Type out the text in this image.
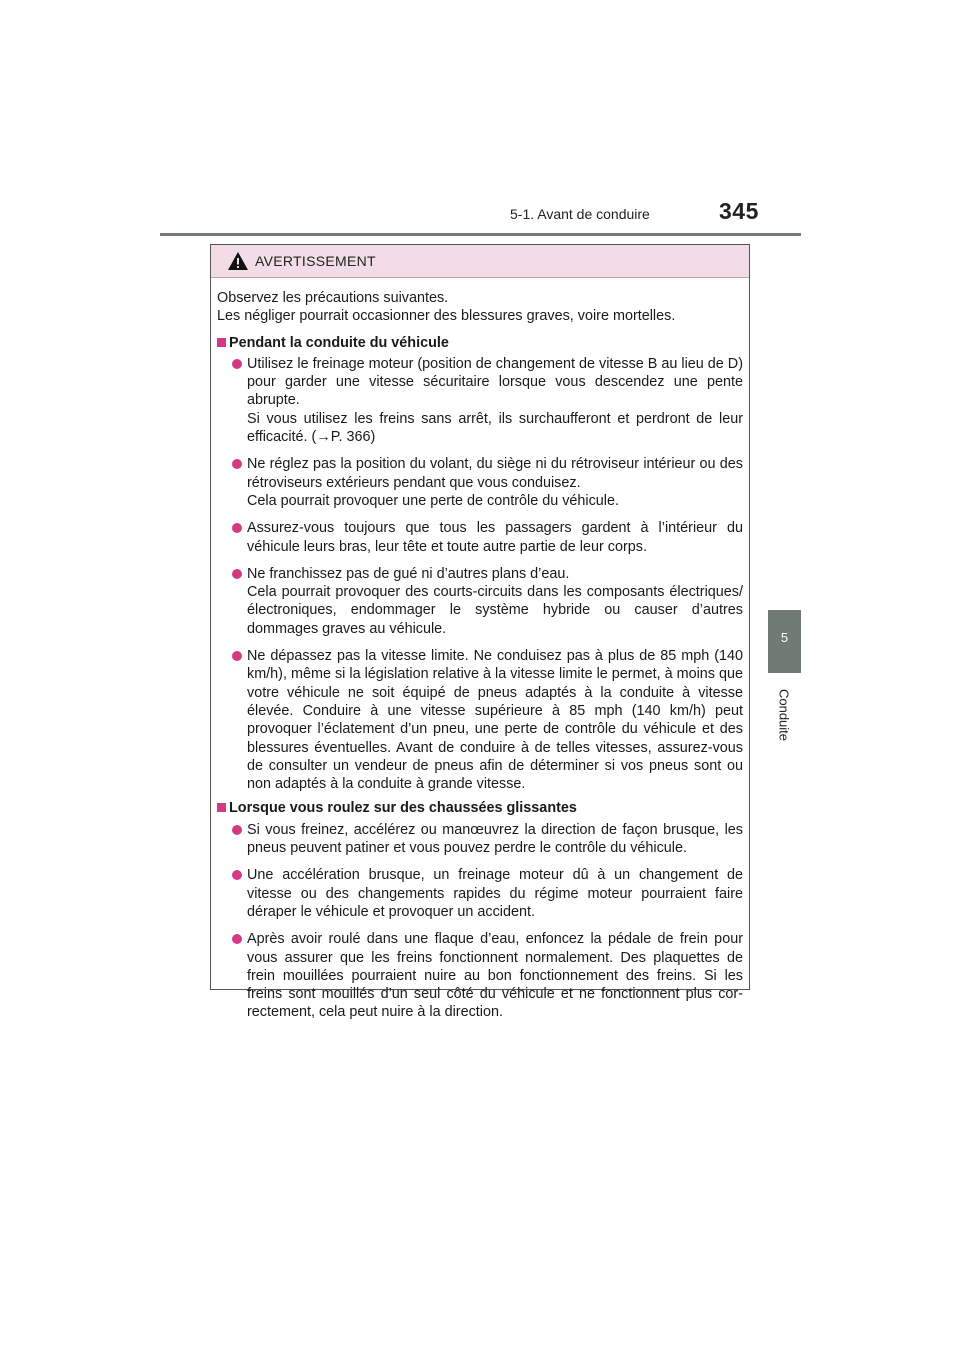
5-1. Avant de conduire	345
5
Conduite
AVERTISSEMENT

Observez les précautions suivantes.

Les négliger pourrait occasionner des blessures graves, voire mortelles.

Pendant la conduite du véhicule

Utilisez le freinage moteur (position de changement de vitesse B au lieu de D) pour garder une vitesse sécuritaire lorsque vous descendez une pente abrupte.

Si vous utilisez les freins sans arrêt, ils surchaufferont et perdront de leur efficacité. (→P. 366)

Ne réglez pas la position du volant, du siège ni du rétroviseur intérieur ou des rétroviseurs extérieurs pendant que vous conduisez.

Cela pourrait provoquer une perte de contrôle du véhicule.

Assurez-vous toujours que tous les passagers gardent à l’intérieur du véhicule leurs bras, leur tête et toute autre partie de leur corps.

Ne franchissez pas de gué ni d’autres plans d’eau.

Cela pourrait provoquer des courts-circuits dans les composants électriques/électroniques, endommager le système hybride ou causer d’autres dommages graves au véhicule.

Ne dépassez pas la vitesse limite. Ne conduisez pas à plus de 85 mph (140 km/h), même si la législation relative à la vitesse limite le permet, à moins que votre véhicule ne soit équipé de pneus adaptés à la conduite à vitesse élevée. Conduire à une vitesse supérieure à 85 mph (140 km/h) peut provoquer l’éclatement d’un pneu, une perte de contrôle du véhicule et des blessures éventuelles. Avant de conduire à de telles vitesses, assurez-vous de consulter un vendeur de pneus afin de déterminer si vos pneus sont ou non adaptés à la conduite à grande vitesse.

Lorsque vous roulez sur des chaussées glissantes

Si vous freinez, accélérez ou manœuvrez la direction de façon brusque, les pneus peuvent patiner et vous pouvez perdre le contrôle du véhicule.

Une accélération brusque, un freinage moteur dû à un changement de vitesse ou des changements rapides du régime moteur pourraient faire déraper le véhicule et provoquer un accident.

Après avoir roulé dans une flaque d’eau, enfoncez la pédale de frein pour vous assurer que les freins fonctionnent normalement. Des plaquettes de frein mouillées pourraient nuire au bon fonctionnement des freins. Si les freins sont mouillés d’un seul côté du véhicule et ne fonctionnent plus correctement, cela peut nuire à la direction.
